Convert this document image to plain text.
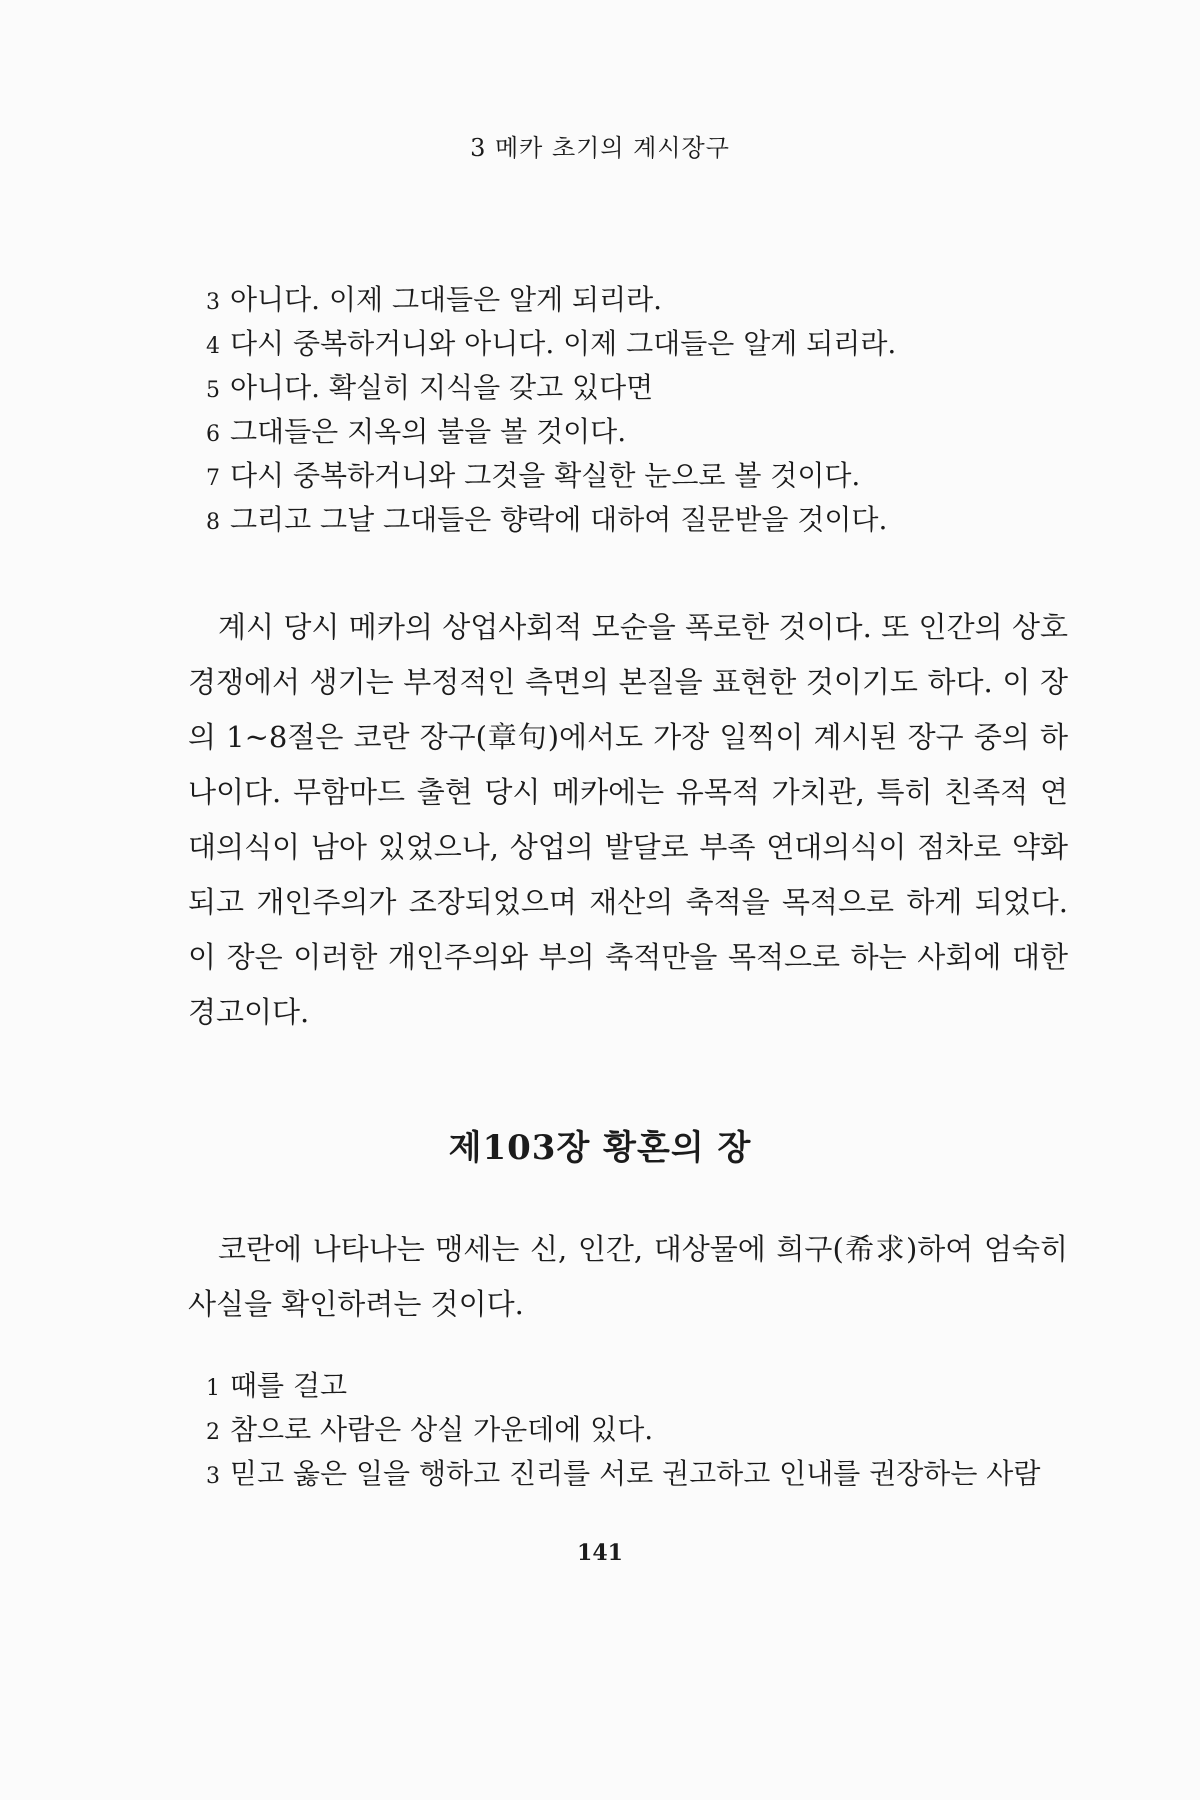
3 메카 초기의 계시장구
3 아니다. 이제 그대들은 알게 되리라.
4 다시 중복하거니와 아니다. 이제 그대들은 알게 되리라.
5 아니다. 확실히 지식을 갖고 있다면
6 그대들은 지옥의 불을 볼 것이다.
7 다시 중복하거니와 그것을 확실한 눈으로 볼 것이다.
8 그리고 그날 그대들은 향락에 대하여 질문받을 것이다.

계시 당시 메카의 상업사회적 모순을 폭로한 것이다. 또 인간의 상호 경쟁에서 생기는 부정적인 측면의 본질을 표현한 것이기도 하다. 이 장의 1~8절은 코란 장구(章句)에서도 가장 일찍이 계시된 장구 중의 하나이다. 무함마드 출현 당시 메카에는 유목적 가치관, 특히 친족적 연대의식이 남아 있었으나, 상업의 발달로 부족 연대의식이 점차로 약화되고 개인주의가 조장되었으며 재산의 축적을 목적으로 하게 되었다. 이 장은 이러한 개인주의와 부의 축적만을 목적으로 하는 사회에 대한 경고이다.

제103장 황혼의 장

코란에 나타나는 맹세는 신, 인간, 대상물에 희구(希求)하여 엄숙히 사실을 확인하려는 것이다.

1 때를 걸고
2 참으로 사람은 상실 가운데에 있다.
3 믿고 옳은 일을 행하고 진리를 서로 권고하고 인내를 권장하는 사람
141
